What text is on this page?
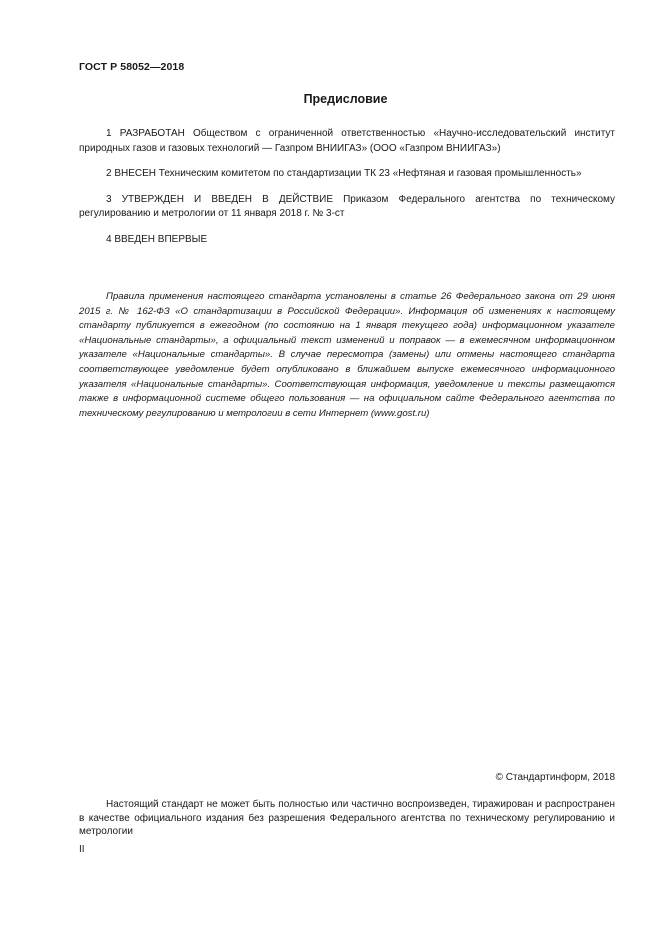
ГОСТ Р 58052—2018
Предисловие

1 РАЗРАБОТАН Обществом с ограниченной ответственностью «Научно-исследовательский институт природных газов и газовых технологий — Газпром ВНИИГАЗ» (ООО «Газпром ВНИИГАЗ»)

2 ВНЕСЕН Техническим комитетом по стандартизации ТК 23 «Нефтяная и газовая промышленность»

3 УТВЕРЖДЕН И ВВЕДЕН В ДЕЙСТВИЕ Приказом Федерального агентства по техническому регулированию и метрологии от 11 января 2018 г. № 3-ст

4 ВВЕДЕН ВПЕРВЫЕ

Правила применения настоящего стандарта установлены в статье 26 Федерального закона от 29 июня 2015 г. № 162-ФЗ «О стандартизации в Российской Федерации». Информация об изменениях к настоящему стандарту публикуется в ежегодном (по состоянию на 1 января текущего года) информационном указателе «Национальные стандарты», а официальный текст изменений и поправок — в ежемесячном информационном указателе «Национальные стандарты». В случае пересмотра (замены) или отмены настоящего стандарта соответствующее уведомление будет опубликовано в ближайшем выпуске ежемесячного информационного указателя «Национальные стандарты». Соответствующая информация, уведомление и тексты размещаются также в информационной системе общего пользования — на официальном сайте Федерального агентства по техническому регулированию и метрологии в сети Интернет (www.gost.ru)
© Стандартинформ, 2018
Настоящий стандарт не может быть полностью или частично воспроизведен, тиражирован и распространен в качестве официального издания без разрешения Федерального агентства по техническому регулированию и метрологии
II
